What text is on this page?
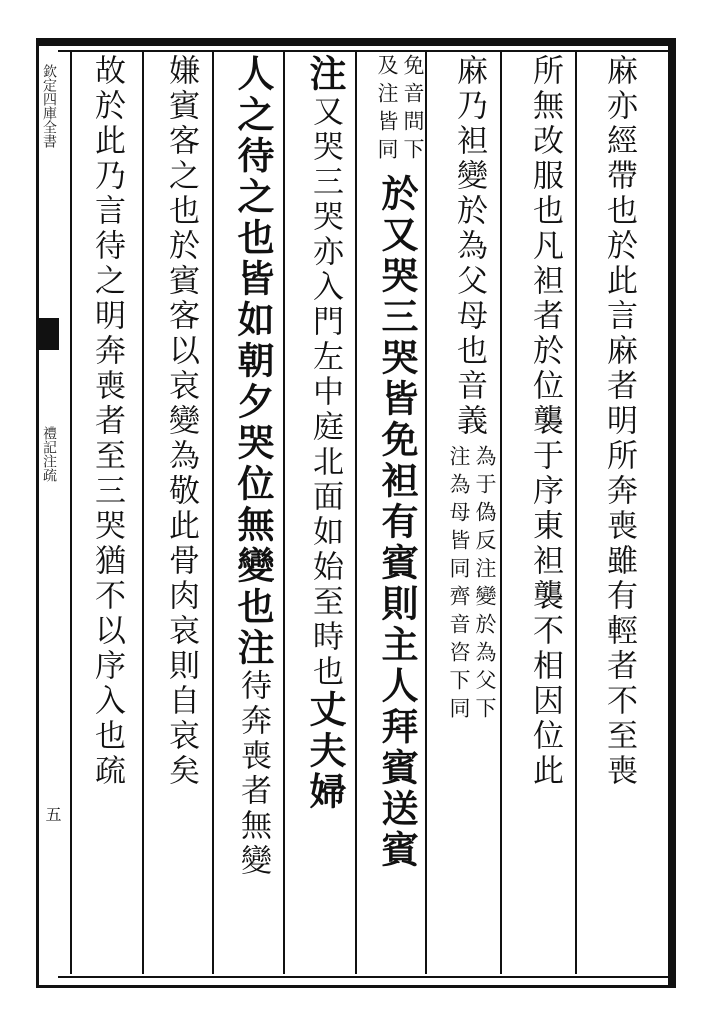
欽定四庫全書
禮記注疏
五
麻亦經帶也於此言麻者明所奔喪雖有輕者不至喪
所無改服也凡袒者於位襲于序東袒襲不相因位此
麻乃袒變於為父母也音義
為于偽反注變於為父下
注為母皆同齊音咨下同
免音問下
及注皆同
於又哭三哭皆免袒有賓則主人拜賓送賓
注
又哭三哭亦入門左中庭北面如始至時也
丈夫婦
人之待之也皆如朝夕哭位無變也注
待奔喪者無變
嫌賓客之也於賓客以哀變為敬此骨肉哀則自哀矣
故於此乃言待之明奔喪者至三哭猶不以序入也疏
